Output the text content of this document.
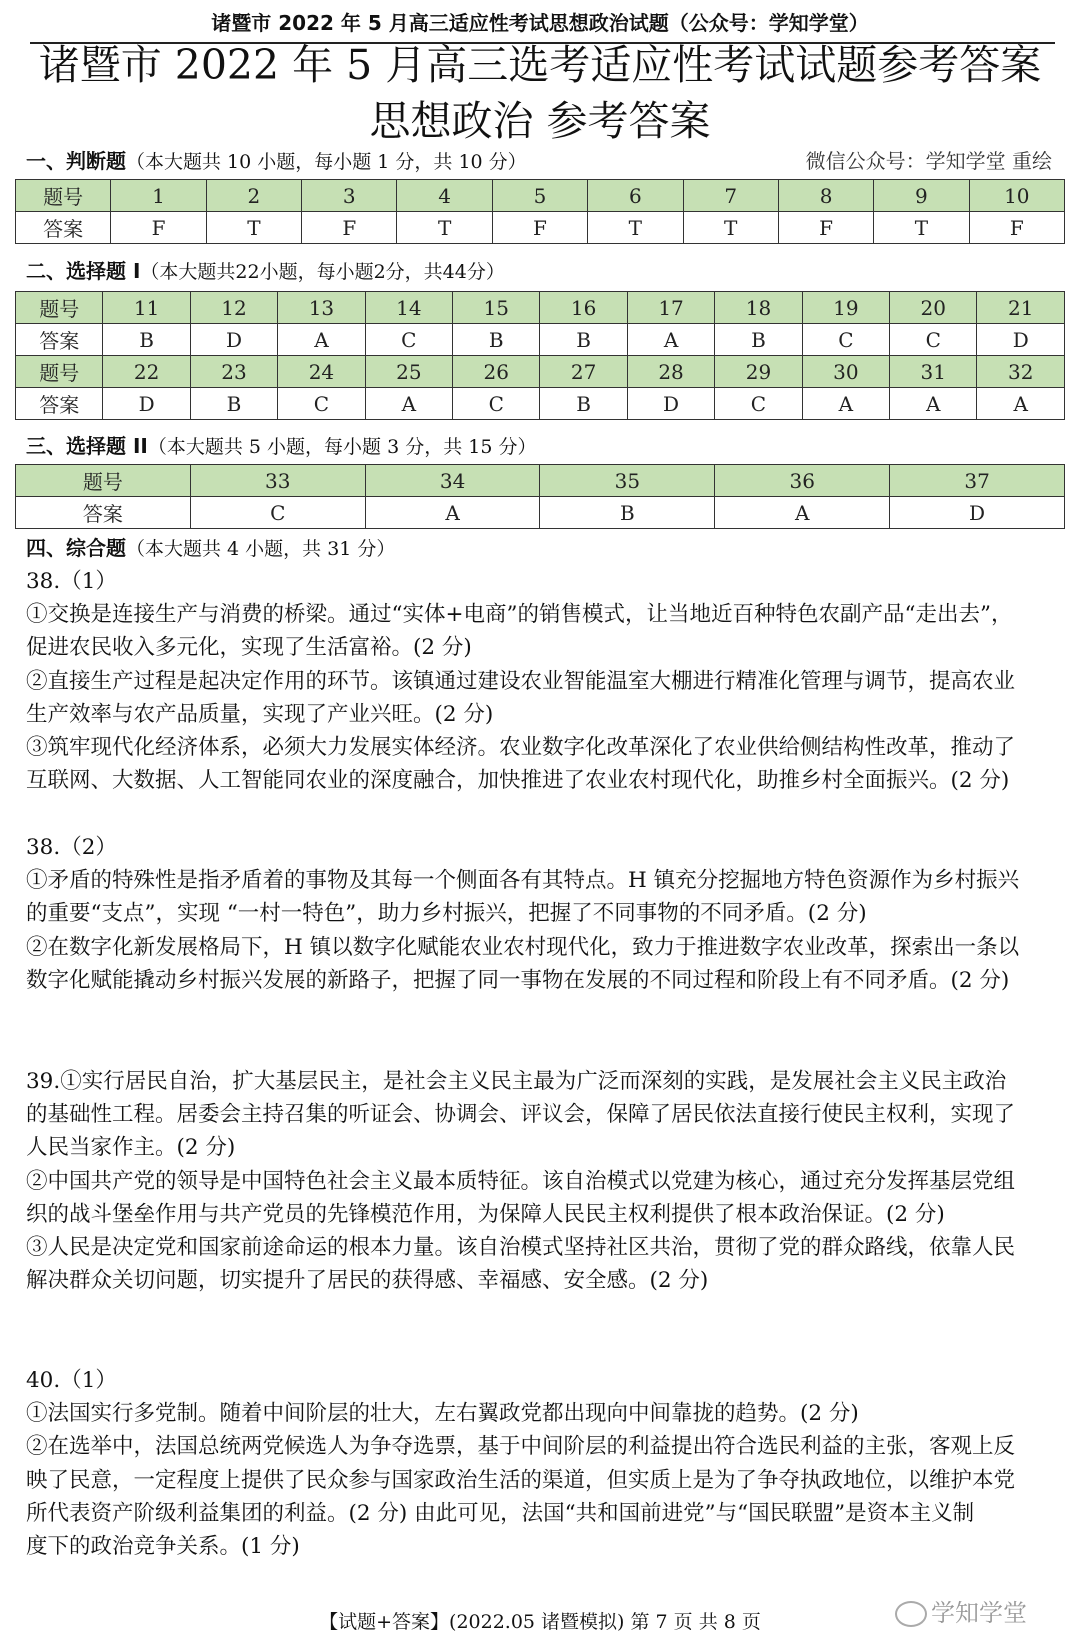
诸暨市 2022 年 5 月高三适应性考试思想政治试题（公众号：学知学堂）
诸暨市 2022 年 5 月高三选考适应性考试试题参考答案
思想政治 参考答案
一、判断题（本大题共 10 小题，每小题 1 分，共 10 分）	微信公众号：学知学堂 重绘
题号	1	2	3	4	5	6	7	8	9	10
答案	F	T	F	T	F	T	T	F	T	F
二、选择题 I（本大题共22小题，每小题2分，共44分）
题号	11	12	13	14	15	16	17	18	19	20	21
答案	B	D	A	C	B	B	A	B	C	C	D
题号	22	23	24	25	26	27	28	29	30	31	32
答案	D	B	C	A	C	B	D	C	A	A	A
三、选择题 II（本大题共 5 小题，每小题 3 分，共 15 分）
题号	33	34	35	36	37
答案	C	A	B	A	D
四、综合题（本大题共 4 小题，共 31 分）
38.（1）
①交换是连接生产与消费的桥梁。通过“实体+电商”的销售模式，让当地近百种特色农副产品“走出去”，
促进农民收入多元化，实现了生活富裕。(2 分)
②直接生产过程是起决定作用的环节。该镇通过建设农业智能温室大棚进行精准化管理与调节，提高农业
生产效率与农产品质量，实现了产业兴旺。(2 分)
③筑牢现代化经济体系，必须大力发展实体经济。农业数字化改革深化了农业供给侧结构性改革，推动了
互联网、大数据、人工智能同农业的深度融合，加快推进了农业农村现代化，助推乡村全面振兴。(2 分)
38.（2）
①矛盾的特殊性是指矛盾着的事物及其每一个侧面各有其特点。H 镇充分挖掘地方特色资源作为乡村振兴
的重要“支点”，实现 “一村一特色”，助力乡村振兴，把握了不同事物的不同矛盾。(2 分)
②在数字化新发展格局下，H 镇以数字化赋能农业农村现代化，致力于推进数字农业改革，探索出一条以
数字化赋能撬动乡村振兴发展的新路子，把握了同一事物在发展的不同过程和阶段上有不同矛盾。(2 分)
39.①实行居民自治，扩大基层民主，是社会主义民主最为广泛而深刻的实践，是发展社会主义民主政治
的基础性工程。居委会主持召集的听证会、协调会、评议会，保障了居民依法直接行使民主权利，实现了
人民当家作主。(2 分)
②中国共产党的领导是中国特色社会主义最本质特征。该自治模式以党建为核心，通过充分发挥基层党组
织的战斗堡垒作用与共产党员的先锋模范作用，为保障人民民主权利提供了根本政治保证。(2 分)
③人民是决定党和国家前途命运的根本力量。该自治模式坚持社区共治，贯彻了党的群众路线，依靠人民
解决群众关切问题，切实提升了居民的获得感、幸福感、安全感。(2 分)
40.（1）
①法国实行多党制。随着中间阶层的壮大，左右翼政党都出现向中间靠拢的趋势。(2 分)
②在选举中，法国总统两党候选人为争夺选票，基于中间阶层的利益提出符合选民利益的主张，客观上反
映了民意，一定程度上提供了民众参与国家政治生活的渠道，但实质上是为了争夺执政地位，以维护本党
所代表资产阶级利益集团的利益。(2 分) 由此可见，法国“共和国前进党”与“国民联盟”是资本主义制
度下的政治竞争关系。(1 分)
【试题+答案】(2022.05 诸暨模拟) 第 7 页 共 8 页	学知学堂
